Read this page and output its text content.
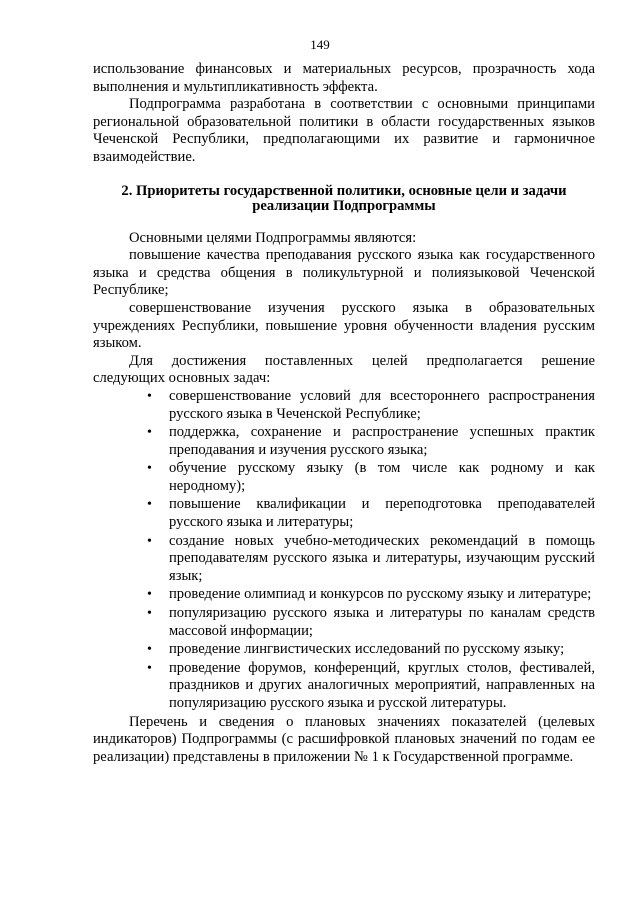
149

использование финансовых и материальных ресурсов, прозрачность хода выполнения и мультипликативность эффекта.

Подпрограмма разработана в соответствии с основными принципами региональной образовательной политики в области государственных языков Чеченской Республики, предполагающими их развитие и гармоничное взаимодействие.

2. Приоритеты государственной политики, основные цели и задачи реализации Подпрограммы

Основными целями Подпрограммы являются:

повышение качества преподавания русского языка как государственного языка и средства общения в поликультурной и полиязыковой Чеченской Республике;

совершенствование изучения русского языка в образовательных учреждениях Республики, повышение уровня обученности владения русским языком.

Для достижения поставленных целей предполагается решение следующих основных задач:

• совершенствование условий для всестороннего распространения русского языка в Чеченской Республике;
• поддержка, сохранение и распространение успешных практик преподавания и изучения русского языка;
• обучение русскому языку (в том числе как родному и как неродному);
• повышение квалификации и переподготовка преподавателей русского языка и литературы;
• создание новых учебно-методических рекомендаций в помощь преподавателям русского языка и литературы, изучающим русский язык;
• проведение олимпиад и конкурсов по русскому языку и литературе;
• популяризацию русского языка и литературы по каналам средств массовой информации;
• проведение лингвистических исследований по русскому языку;
• проведение форумов, конференций, круглых столов, фестивалей, праздников и других аналогичных мероприятий, направленных на популяризацию русского языка и русской литературы.

Перечень и сведения о плановых значениях показателей (целевых индикаторов) Подпрограммы (с расшифровкой плановых значений по годам ее реализации) представлены в приложении № 1 к Государственной программе.
